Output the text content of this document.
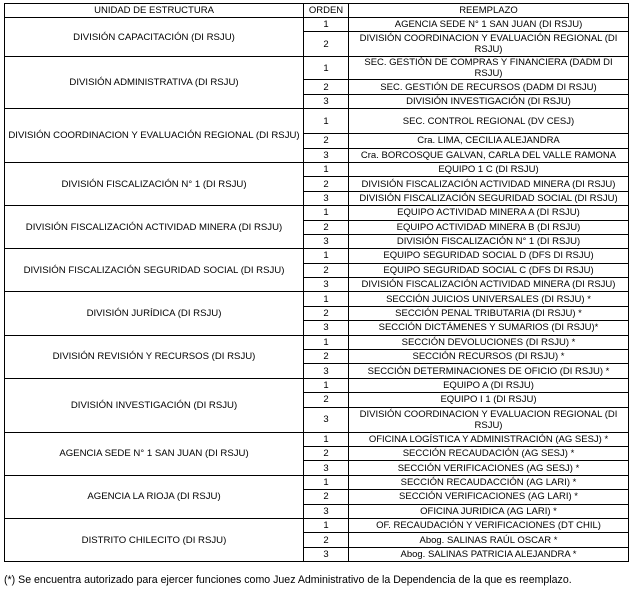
UNIDAD DE ESTRUCTURA	ORDEN	REEMPLAZO
DIVISIÓN CAPACITACIÓN (DI RSJU)	1	AGENCIA SEDE N° 1 SAN JUAN (DI RSJU)
	2	DIVISIÓN COORDINACION Y EVALUACIÓN REGIONAL (DI RSJU)
DIVISIÓN ADMINISTRATIVA (DI RSJU)	1	SEC. GESTIÓN DE COMPRAS Y FINANCIERA (DADM DI RSJU)
	2	SEC. GESTIÓN DE RECURSOS (DADM DI RSJU)
	3	DIVISIÓN INVESTIGACIÓN (DI RSJU)
DIVISIÓN COORDINACION Y EVALUACIÓN REGIONAL (DI RSJU)	1	SEC. CONTROL REGIONAL (DV CESJ)
	2	Cra. LIMA, CECILIA ALEJANDRA
	3	Cra. BORCOSQUE GALVAN, CARLA DEL VALLE RAMONA
DIVISIÓN FISCALIZACIÓN N° 1 (DI RSJU)	1	EQUIPO 1 C (DI RSJU)
	2	DIVISIÓN FISCALIZACIÓN ACTIVIDAD MINERA (DI RSJU)
	3	DIVISIÓN FISCALIZACIÓN SEGURIDAD SOCIAL (DI RSJU)
DIVISIÓN FISCALIZACIÓN ACTIVIDAD MINERA (DI RSJU)	1	EQUIPO ACTIVIDAD MINERA A (DI RSJU)
	2	EQUIPO ACTIVIDAD MINERA B (DI RSJU)
	3	DIVISIÓN FISCALIZACIÓN N° 1 (DI RSJU)
DIVISIÓN FISCALIZACIÓN SEGURIDAD SOCIAL (DI RSJU)	1	EQUIPO SEGURIDAD SOCIAL D (DFS DI RSJU)
	2	EQUIPO SEGURIDAD SOCIAL C (DFS DI RSJU)
	3	DIVISIÓN FISCALIZACIÓN ACTIVIDAD MINERA (DI RSJU)
DIVISIÓN JURÍDICA (DI RSJU)	1	SECCIÓN JUICIOS UNIVERSALES (DI RSJU) *
	2	SECCIÓN PENAL TRIBUTARIA (DI RSJU) *
	3	SECCIÓN DICTÁMENES Y SUMARIOS (DI RSJU)*
DIVISIÓN REVISIÓN Y RECURSOS (DI RSJU)	1	SECCIÓN DEVOLUCIONES (DI RSJU) *
	2	SECCIÓN RECURSOS (DI RSJU) *
	3	SECCIÓN DETERMINACIONES DE OFICIO (DI RSJU) *
DIVISIÓN INVESTIGACIÓN (DI RSJU)	1	EQUIPO A (DI RSJU)
	2	EQUIPO I 1 (DI RSJU)
	3	DIVISIÓN COORDINACION Y EVALUACION REGIONAL (DI RSJU)
AGENCIA SEDE N° 1 SAN JUAN (DI RSJU)	1	OFICINA LOGÍSTICA Y ADMINISTRACIÓN (AG SESJ) *
	2	SECCIÓN RECAUDACIÓN (AG SESJ) *
	3	SECCIÓN VERIFICACIONES (AG SESJ) *
AGENCIA LA RIOJA (DI RSJU)	1	SECCIÓN RECAUDACCIÓN (AG LARI) *
	2	SECCIÓN VERIFICACIONES (AG LARI) *
	3	OFICINA JURIDICA (AG LARI) *
DISTRITO CHILECITO (DI RSJU)	1	OF. RECAUDACIÓN Y VERIFICACIONES (DT CHIL)
	2	Abog. SALINAS RAÚL OSCAR *
	3	Abog. SALINAS PATRICIA ALEJANDRA *
(*) Se encuentra autorizado para ejercer funciones como Juez Administrativo de la Dependencia de la que es reemplazo.
